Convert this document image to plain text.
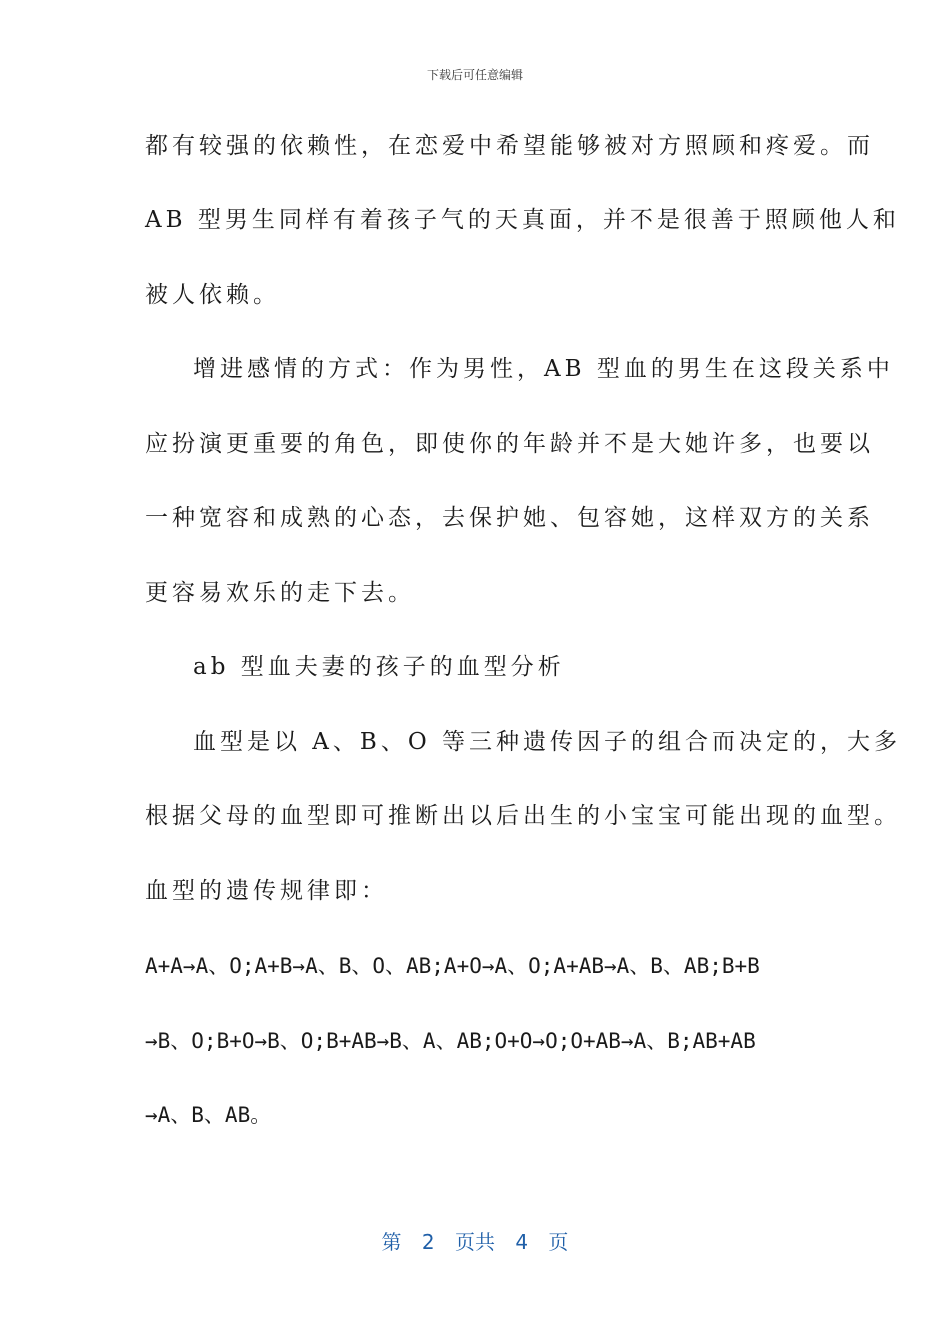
下载后可任意编辑
都有较强的依赖性，在恋爱中希望能够被对方照顾和疼爱。而
AB 型男生同样有着孩子气的天真面，并不是很善于照顾他人和
被人依赖。
增进感情的方式：作为男性，AB 型血的男生在这段关系中
应扮演更重要的角色，即使你的年龄并不是大她许多，也要以
一种宽容和成熟的心态，去保护她、包容她，这样双方的关系
更容易欢乐的走下去。
ab 型血夫妻的孩子的血型分析
血型是以 A、B、O 等三种遗传因子的组合而决定的，大多
根据父母的血型即可推断出以后出生的小宝宝可能出现的血型。
血型的遗传规律即：
A+A→A、O;A+B→A、B、O、AB;A+O→A、O;A+AB→A、B、AB;B+B
→B、O;B+O→B、O;B+AB→B、A、AB;O+O→O;O+AB→A、B;AB+AB
→A、B、AB。
第 2 页共 4 页
